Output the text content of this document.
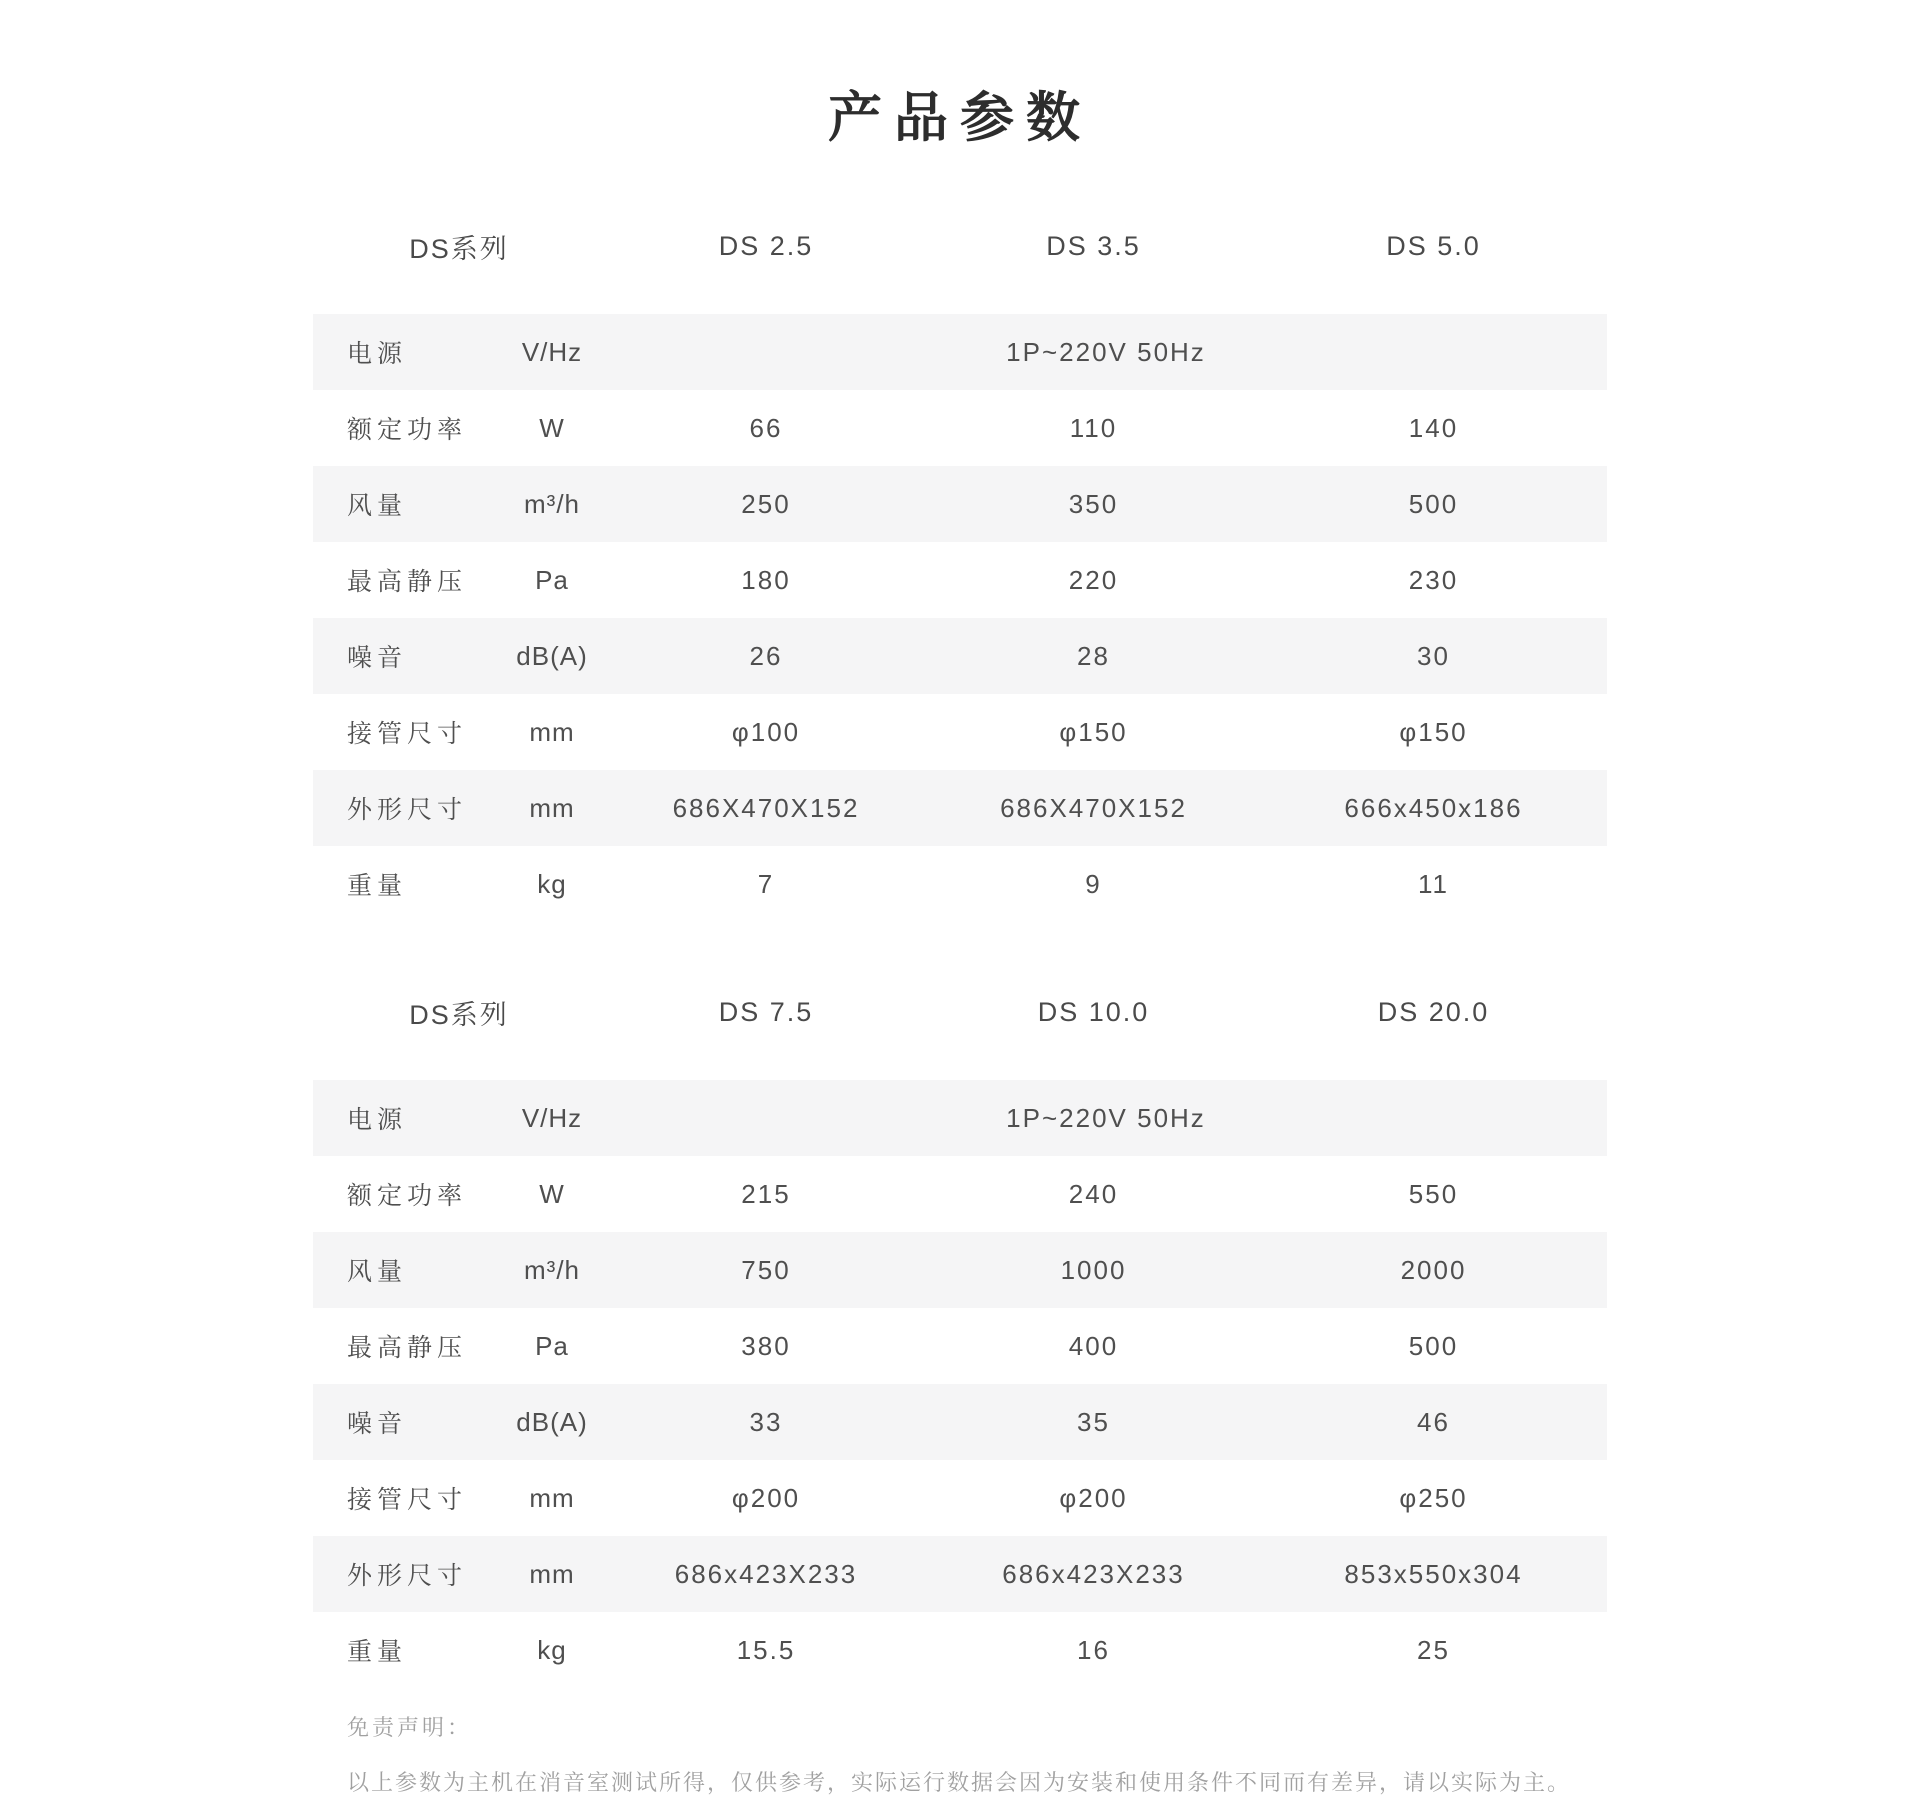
产品参数
DS系列	DS 2.5	DS 3.5	DS 5.0
电源	V/Hz	1P~220V 50Hz
额定功率	W	66	110	140
风量	m³/h	250	350	500
最高静压	Pa	180	220	230
噪音	dB(A)	26	28	30
接管尺寸	mm	φ100	φ150	φ150
外形尺寸	mm	686X470X152	686X470X152	666x450x186
重量	kg	7	9	11
DS系列	DS 7.5	DS 10.0	DS 20.0
电源	V/Hz	1P~220V 50Hz
额定功率	W	215	240	550
风量	m³/h	750	1000	2000
最高静压	Pa	380	400	500
噪音	dB(A)	33	35	46
接管尺寸	mm	φ200	φ200	φ250
外形尺寸	mm	686x423X233	686x423X233	853x550x304
重量	kg	15.5	16	25
免责声明：
以上参数为主机在消音室测试所得，仅供参考，实际运行数据会因为安装和使用条件不同而有差异，请以实际为主。
